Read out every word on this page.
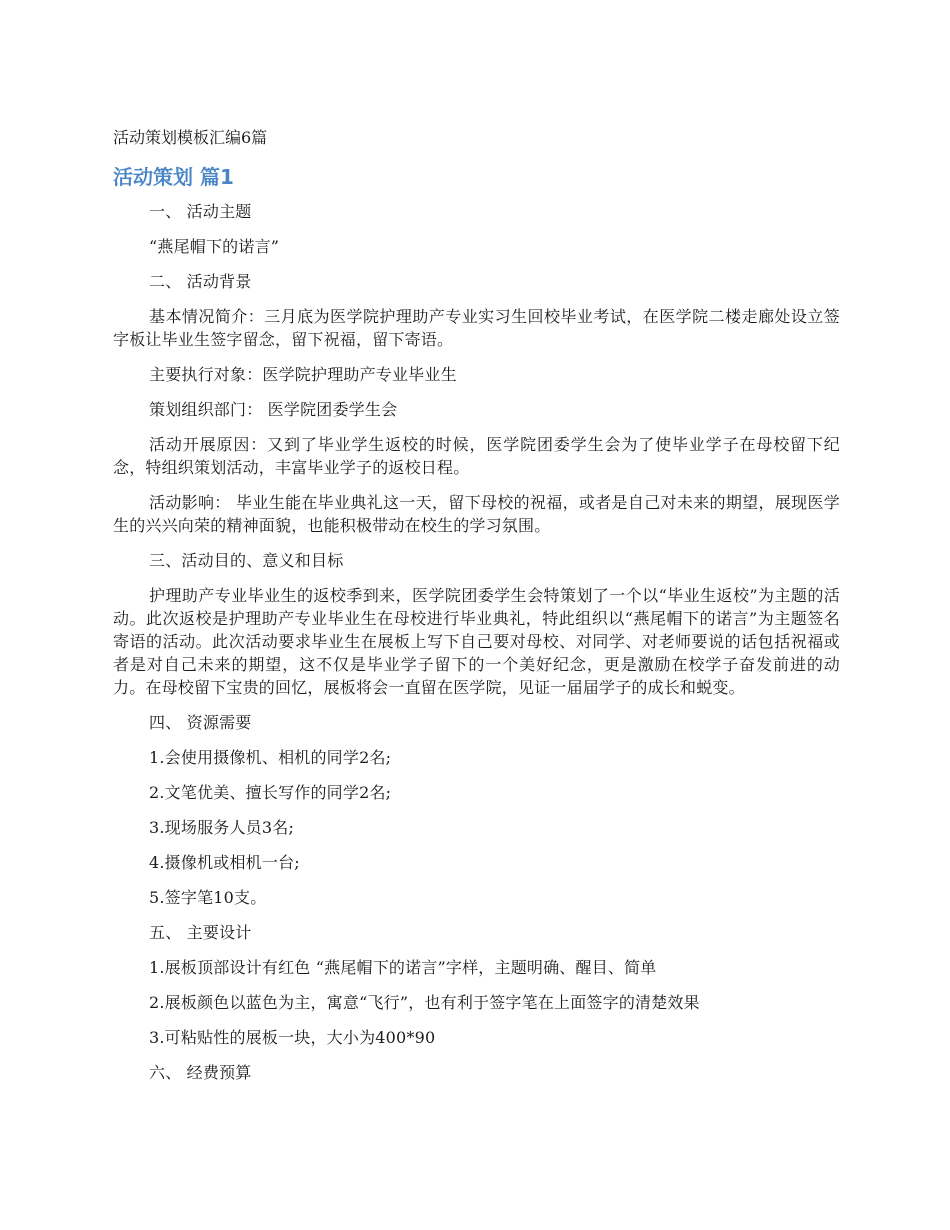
活动策划模板汇编6篇
活动策划 篇1

一、 活动主题

“燕尾帽下的诺言”

二、 活动背景

基本情况简介：三月底为医学院护理助产专业实习生回校毕业考试，在医学院二楼走廊处设立签字板让毕业生签字留念，留下祝福，留下寄语。

主要执行对象：医学院护理助产专业毕业生

策划组织部门： 医学院团委学生会

活动开展原因：又到了毕业学生返校的时候，医学院团委学生会为了使毕业学子在母校留下纪念，特组织策划活动，丰富毕业学子的返校日程。

活动影响： 毕业生能在毕业典礼这一天，留下母校的祝福，或者是自己对未来的期望，展现医学生的兴兴向荣的精神面貌，也能积极带动在校生的学习氛围。

三、活动目的、意义和目标

护理助产专业毕业生的返校季到来，医学院团委学生会特策划了一个以“毕业生返校”为主题的活动。此次返校是护理助产专业毕业生在母校进行毕业典礼，特此组织以“燕尾帽下的诺言”为主题签名寄语的活动。此次活动要求毕业生在展板上写下自己要对母校、对同学、对老师要说的话包括祝福或者是对自己未来的期望，这不仅是毕业学子留下的一个美好纪念，更是激励在校学子奋发前进的动力。在母校留下宝贵的回忆，展板将会一直留在医学院，见证一届届学子的成长和蜕变。

四、 资源需要

1.会使用摄像机、相机的同学2名;

2.文笔优美、擅长写作的同学2名;

3.现场服务人员3名;

4.摄像机或相机一台;

5.签字笔10支。

五、 主要设计

1.展板顶部设计有红色 “燕尾帽下的诺言”字样，主题明确、醒目、简单

2.展板颜色以蓝色为主，寓意“飞行”，也有利于签字笔在上面签字的清楚效果

3.可粘贴性的展板一块，大小为400*90

六、 经费预算
